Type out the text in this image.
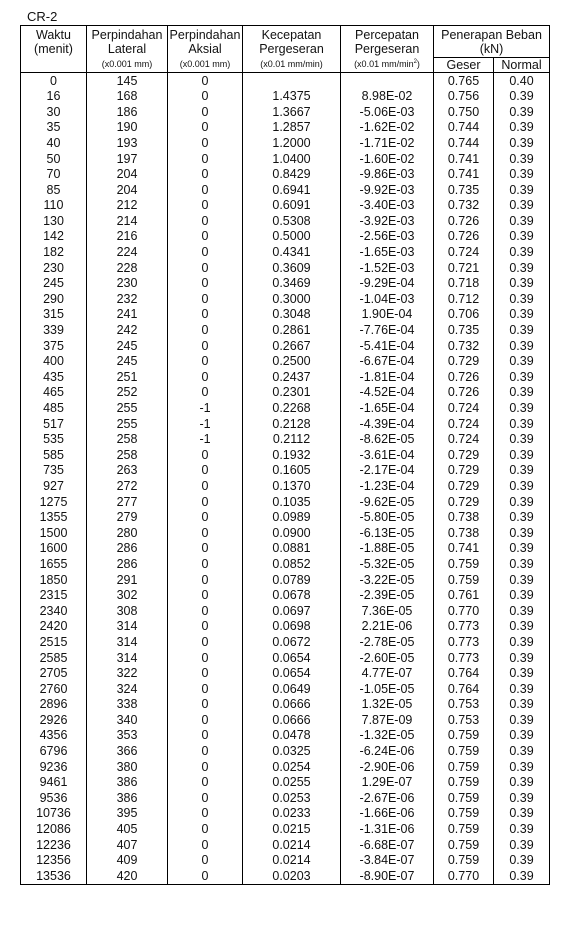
CR-2
Waktu	Perpindahan	Perpindahan	Kecepatan	Percepatan	Penerapan Beban	
(menit)	Lateral	Aksial	Pergeseran	Pergeseran	(kN)	
	(x0.001 mm)	(x0.001 mm)	(x0.01 mm/min)	(x0.01 $mm/\min^2$)	Geser	Normal
0	145	0			0.765	0.40
16	168	0	1.4375	8.98E-02	0.756	0.39
30	186	0	1.3667	-5.06E-03	0.750	0.39
35	190	0	1.2857	-1.62E-02	0.744	0.39
40	193	0	1.2000	-1.71E-02	0.744	0.39
50	197	0	1.0400	-1.60E-02	0.741	0.39
70	204	0	0.8429	-9.86E-03	0.741	0.39
85	204	0	0.6941	-9.92E-03	0.735	0.39
110	212	0	0.6091	-3.40E-03	0.732	0.39
130	214	0	0.5308	-3.92E-03	0.726	0.39
142	216	0	0.5000	-2.56E-03	0.726	0.39
182	224	0	0.4341	-1.65E-03	0.724	0.39
230	228	0	0.3609	-1.52E-03	0.721	0.39
245	230	0	0.3469	-9.29E-04	0.718	0.39
290	232	0	0.3000	-1.04E-03	0.712	0.39
315	241	0	0.3048	1.90E-04	0.706	0.39
339	242	0	0.2861	-7.76E-04	0.735	0.39
375	245	0	0.2667	-5.41E-04	0.732	0.39
400	245	0	0.2500	-6.67E-04	0.729	0.39
435	251	0	0.2437	-1.81E-04	0.726	0.39
465	252	0	0.2301	-4.52E-04	0.726	0.39
485	255	-1	0.2268	-1.65E-04	0.724	0.39
517	255	-1	0.2128	-4.39E-04	0.724	0.39
535	258	-1	0.2112	-8.62E-05	0.724	0.39
585	258	0	0.1932	-3.61E-04	0.729	0.39
735	263	0	0.1605	-2.17E-04	0.729	0.39
927	272	0	0.1370	-1.23E-04	0.729	0.39
1275	277	0	0.1035	-9.62E-05	0.729	0.39
1355	279	0	0.0989	-5.80E-05	0.738	0.39
1500	280	0	0.0900	-6.13E-05	0.738	0.39
1600	286	0	0.0881	-1.88E-05	0.741	0.39
1655	286	0	0.0852	-5.32E-05	0.759	0.39
1850	291	0	0.0789	-3.22E-05	0.759	0.39
2315	302	0	0.0678	-2.39E-05	0.761	0.39
2340	308	0	0.0697	7.36E-05	0.770	0.39
2420	314	0	0.0698	2.21E-06	0.773	0.39
2515	314	0	0.0672	-2.78E-05	0.773	0.39
2585	314	0	0.0654	-2.60E-05	0.773	0.39
2705	322	0	0.0654	4.77E-07	0.764	0.39
2760	324	0	0.0649	-1.05E-05	0.764	0.39
2896	338	0	0.0666	1.32E-05	0.753	0.39
2926	340	0	0.0666	7.87E-09	0.753	0.39
4356	353	0	0.0478	-1.32E-05	0.759	0.39
6796	366	0	0.0325	-6.24E-06	0.759	0.39
9236	380	0	0.0254	-2.90E-06	0.759	0.39
9461	386	0	0.0255	1.29E-07	0.759	0.39
9536	386	0	0.0253	-2.67E-06	0.759	0.39
10736	395	0	0.0233	-1.66E-06	0.759	0.39
12086	405	0	0.0215	-1.31E-06	0.759	0.39
12236	407	0	0.0214	-6.68E-07	0.759	0.39
12356	409	0	0.0214	-3.84E-07	0.759	0.39
13536	420	0	0.0203	-8.90E-07	0.770	0.39
